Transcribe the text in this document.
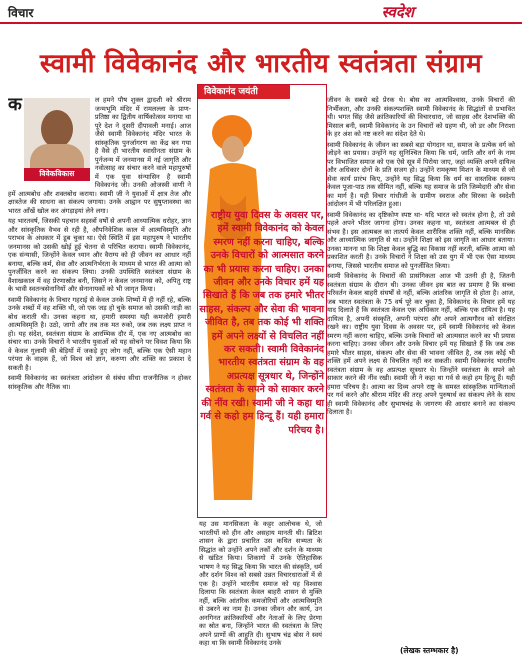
विचार	स्वदेश
स्वामी विवेकानंद और भारतीय स्वतंत्रता संग्राम

क
विवेकविकास
ल हमने पौष शुक्ल द्वादशी को श्रीराम जन्मभूमि मंदिर में रामलल्ला के प्राण-प्रतिष्ठा का द्वितीय वार्षिकोत्सव मनाया था पूरे देश ने दूसरी दीपावली मनाई। आज जैसे स्वामी विवेकानंद मंदिर भारत के सांस्कृतिक पुनर्जागरण का केंद्र बन गया है वैसे ही भारतीय स्वाधीनता संग्राम के पुर्नजन्म में जनमानस में नई जागृति और नवोत्साह का संचार करने वाले महापुरुषों में एक युवा संन्यासिन है स्वामी विवेकानंद जी। उनकी ओजस्वी वाणी ने हमें आत्मबोध और शक्तबोध कराया। स्वामी जी ने युवाओं में क्षात्र तेज और क्षात्रतेज की साधना का संकल्प जगाया। उनके आह्वान पर सुषुप्तावस्था का भारत आँखें खोल कर अंगड़ाइयां लेने लगा।

यह भारतवर्ष, जिसकी पहचान सहस्त्रों वर्षों से अपनी आध्यात्मिक धरोहर, ज्ञान और सांस्कृतिक वैभव से रही है, औपनिवेशिक काल में आत्मविस्मृति और पराभव के अंधकार में डूब चुका था। ऐसे स्थिति में इस महापुरुष ने भारतीय जनमानस को उसकी खोई हुई चेतना से परिचित कराया। स्वामी विवेकानंद, एक संन्यासी, जिन्होंने केवल ध्यान और वैराग्य को ही जीवन का आधार नहीं बनाया, बल्कि कर्म, सेवा और आत्मनिर्भरता के माध्यम से भारत की आत्मा को पुनर्जीवित करने का संकल्प लिया। उनकी उपस्थिति स्वतंत्रता संग्राम के वैशाखकाल में वह प्रेरणास्रोत बनी, जिसने न केवल जनमानस को, अपितु राष्ट्र के भावी स्वतन्त्रसेनानियों और सेनानायकों को भी जागृत किया।

स्वामी विवेकानंद के विचार गहराई से केवल उनके शिष्यों में ही नहीं रहे, बल्कि उनके शब्दों में वह शक्ति थी, जो एक जड़ हो चुके समाज को उसकी नाड़ी का बोध कराती थी। उनका कहना था, हमारी समस्या यही कमजोरी हमारी आत्मविस्मृति है। उठो, जागो और तब तक मत रुको, जब तक लक्ष्य प्राप्त न हो। यह संदेश, स्वतंत्रता संग्राम के आरम्भिक दौर में, एक नए आत्मबोध का संचार था। उनके विचारों ने भारतीय युवाओं को यह सोचने पर विवश किया कि वे केवल गुलामी की बेड़ियों में जकड़े हुए लोग नहीं, बल्कि एक ऐसी महान परंपरा के वाहक हैं, जो विश्व को ज्ञान, करुणा और शक्ति का प्रकाश दे सकती है।

स्वामी विवेकानंद का स्वतंत्रता आंदोलन से संबंध सीधा राजनीतिक न होकर सांस्कृतिक और नैतिक था।

विवेकानंद जयंती
राष्ट्रीय युवा दिवस के अवसर पर, हमें स्वामी विवेकानंद को केवल स्मरण नहीं करना चाहिए, बल्कि उनके विचारों को आत्मसात करने का भी प्रयास करना चाहिए। उनका जीवन और उनके विचार हमें यह सिखाते हैं कि जब तक हमारे भीतर साहस, संकल्प और सेवा की भावना जीवित है, तब तक कोई भी शक्ति हमें अपने लक्ष्यों से विचलित नहीं कर सकती। स्वामी विवेकानंद भारतीय स्वतंत्रता संग्राम के वह अप्रत्यक्ष सूत्रधार थे, जिन्होंने स्वतंत्रता के सपने को साकार करने की नींव रखी। स्वामी जी ने कहा था गर्व से कहो हम हिन्दू हैं। यही हमारा परिचय है।
यह उस मानसिकता के कट्टर आलोचक थे, जो भारतीयों को हीन और असहाय मानती थी। ब्रिटिश शासन के द्वारा प्रचारित उस कथित सभ्यता के सिद्धांत को उन्होंने अपने तर्कों और दर्शन के माध्यम से खंडित किया। शिकागो में उनके ऐतिहासिक भाषण ने यह सिद्ध किया कि भारत की संस्कृति, धर्म और दर्शन विश्व को सबसे उन्नत विचारधाराओं में से एक है। उन्होंने भारतीय समाज को यह विश्वास दिलाया कि स्वतंत्रता केवल बाहरी शासन से मुक्ति नहीं, बल्कि आंतरिक कमजोरियों और आत्मविस्मृति से उबरने का नाम है। उनका जीवन और कार्य, उन अनगिनत क्रांतिकारियों और नेताओं के लिए प्रेरणा का स्रोत बना, जिन्होंने भारत की स्वतंत्रता के लिए अपने प्राणों की आहुति दी। सुभाष चंद्र बोस ने स्वयं कहा था कि स्वामी विवेकानंद उनके

जीवन के सबसे बड़े प्रेरक थे। बोस का आत्मविश्वास, उनके विचारों की निर्भीकता, और उनकी संकल्पशक्ति स्वामी विवेकानंद के सिद्धांतों से प्रभावित थी। भगत सिंह जैसे क्रांतिकारियों की विचारधारा, जो साहस और देशभक्ति की मिसाल बनी, स्वामी विवेकानंद के उन विचारों को ग्रहण थी, जो डर और निराशा के हर अंश को नष्ट करने का संदेश देते थे।

स्वामी विवेकानंद के जीवन का सबसे बड़ा योगदान था, समाज के प्रत्येक वर्ग को जोड़ने का प्रयास। उन्होंने यह सुनिश्चित किया कि धर्म, जाति और वर्ग के नाम पर विभाजित समाज को एक ऐसे सूत्र में पिरोया जाए, जहां व्यक्ति अपने दायित्व और अधिकार दोनों के प्रति सजग हो। उन्होंने रामकृष्ण मिशन के माध्यम से जो सेवा कार्य प्रारंभ किए, उन्होंने यह सिद्ध किया कि धर्म का वास्तविक स्वरूप केवल पूजा-पाठ तक सीमित नहीं, बल्कि यह समाज के प्रति जिम्मेदारी और सेवा का मार्ग है। यही विचार गांधीजी के ग्रामीण स्वराज और सिरका के स्वदेशी आंदोलन में भी परिलक्षित हुआ।

स्वामी विवेकानंद का दृष्टिकोण स्पष्ट था- यदि भारत को स्वतंत्र होना है, तो उसे पहले अपने भीतर जागना होगा। उनका कहना था, स्वतंत्रता आत्मबल से ही संभव है। इस आत्मबल का तात्पर्य केवल शारीरिक शक्ति नहीं, बल्कि मानसिक और आध्यात्मिक जागृति से था। उन्होंने शिक्षा को इस जागृति का आधार बताया। उनका मानना था कि शिक्षा केवल बुद्धि का विकास नहीं करती, बल्कि आत्मा को प्रकाशित करती है। उनके विचारों ने शिक्षा को उस युग में भी एक ऐसा माध्यम बनाया, जिससे भारतीय समाज को पुनर्जीवित किया।

स्वामी विवेकानंद के विचारों की प्रासंगिकता आज भी उतनी ही है, जितनी स्वतंत्रता संग्राम के दौरान थी। उनका जीवन इस बात का प्रमाण है कि सच्चा परिवर्तन केवल बाहरी संघर्षों से नहीं, बल्कि आंतरिक जागृति से होता है। आज, जब भारत स्वतंत्रता के 75 वर्ष पूरे कर चुका है, विवेकानंद के विचार हमें यह याद दिलाते हैं कि स्वतंत्रता केवल एक अधिकार नहीं, बल्कि एक दायित्व है। यह दायित्व है, अपनी संस्कृति, अपनी परंपरा और अपने आत्मगौरव को संरक्षित रखने का। राष्ट्रीय युवा दिवस के अवसर पर, हमें स्वामी विवेकानंद को केवल स्मरण नहीं करना चाहिए, बल्कि उनके विचारों को आत्मसात करने का भी प्रयास करना चाहिए। उनका जीवन और उनके विचार हमें यह सिखाते हैं कि जब तक हमारे भीतर साहस, संकल्प और सेवा की भावना जीवित है, तब तक कोई भी शक्ति हमें अपने लक्ष्य से विचलित नहीं कर सकती। स्वामी विवेकानंद भारतीय स्वतंत्रता संग्राम के वह अप्रत्यक्ष सूत्रधार थे। जिन्होंने स्वतंत्रता के सपने को साकार करने की नींव रखी। स्वामी जी ने कहा था गर्व से कहो हम हिन्दू हैं। यही हमारा परिचय है। आत्मा का दिव्य अपने राष्ट्र के समस्त सांस्कृतिक मान्यिताओं पर गर्व करने और श्रीराम मंदिर की तरह अपने पुरुषार्थ का संकल्प लेने के साथ ही स्वामी विवेकानंद और सुभाषचंद्र के जागरण की आधार बनाने का संकल्प दिलाता है।

(लेखक स्तम्भकार है)
